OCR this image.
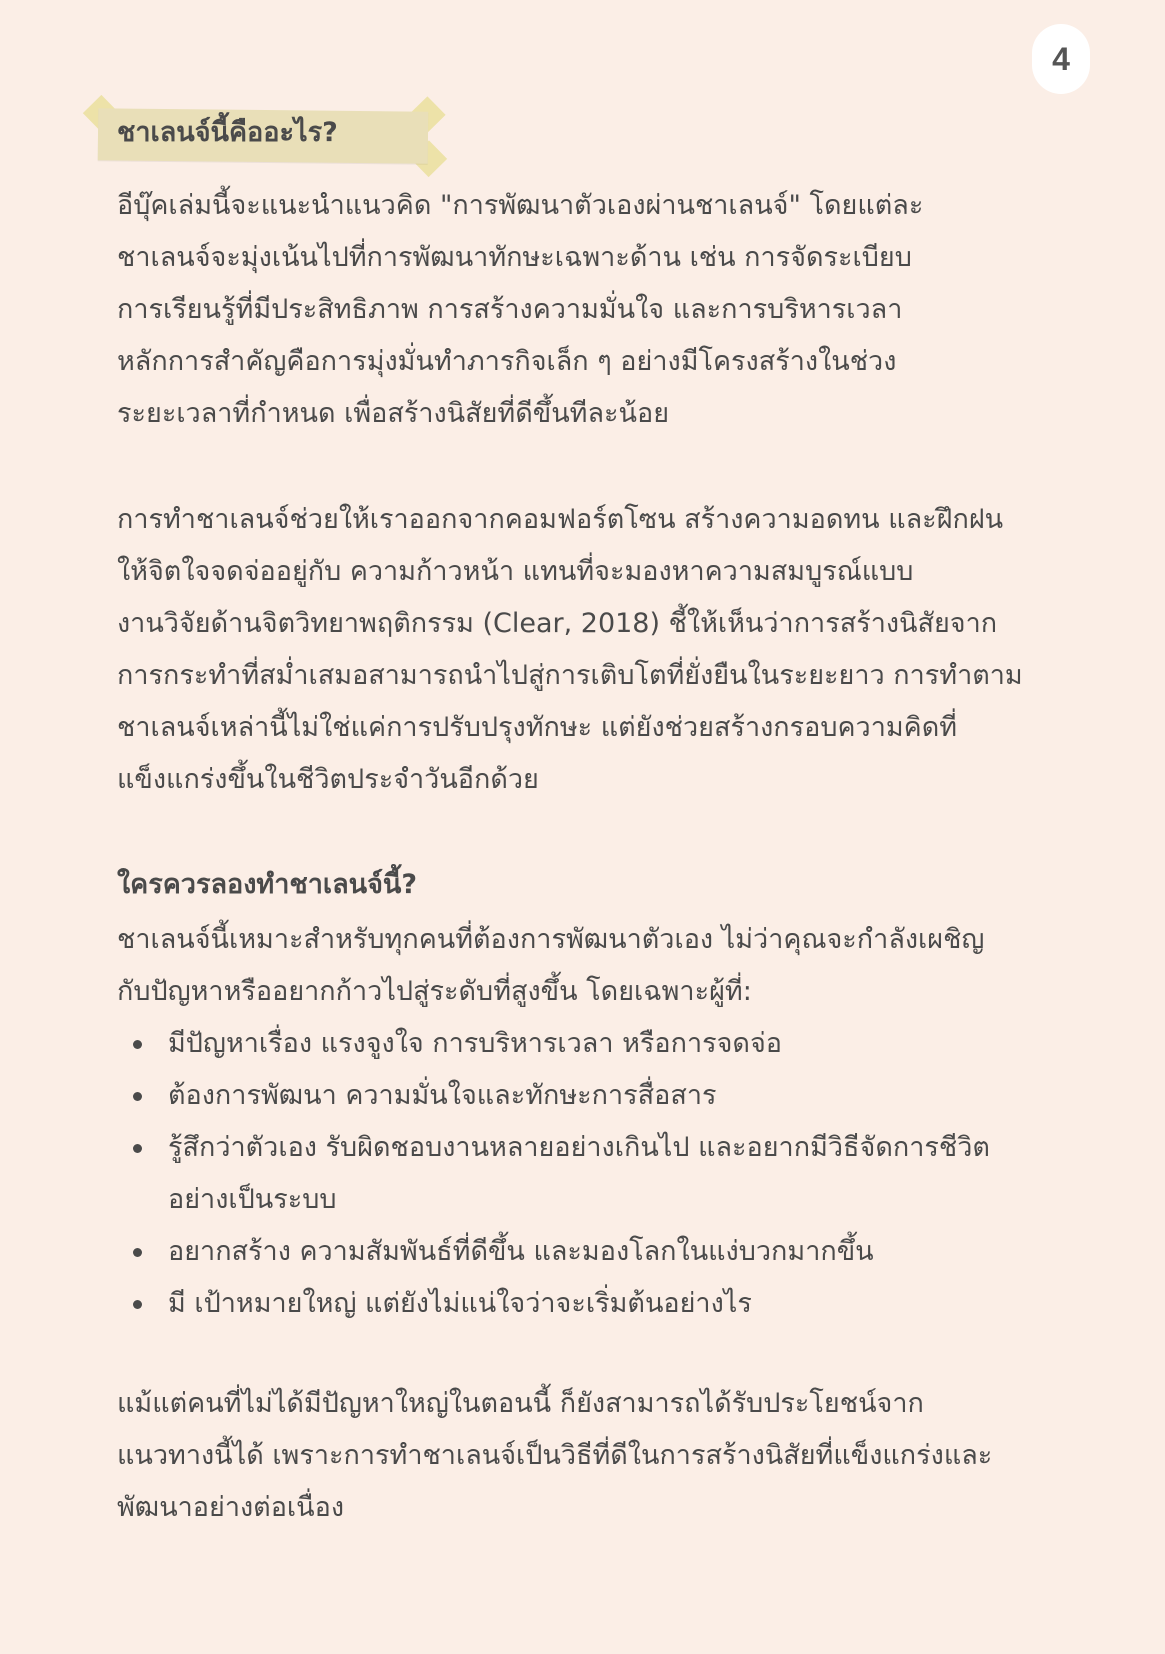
4
ชาเลนจ์นี้คืออะไร?

อีบุ๊คเล่มนี้จะแนะนำแนวคิด "การพัฒนาตัวเองผ่านชาเลนจ์" โดยแต่ละ
ชาเลนจ์จะมุ่งเน้นไปที่การพัฒนาทักษะเฉพาะด้าน เช่น การจัดระเบียบ
การเรียนรู้ที่มีประสิทธิภาพ การสร้างความมั่นใจ และการบริหารเวลา
หลักการสำคัญคือการมุ่งมั่นทำภารกิจเล็ก ๆ อย่างมีโครงสร้างในช่วง
ระยะเวลาที่กำหนด เพื่อสร้างนิสัยที่ดีขึ้นทีละน้อย

การทำชาเลนจ์ช่วยให้เราออกจากคอมฟอร์ตโซน สร้างความอดทน และฝึกฝน
ให้จิตใจจดจ่ออยู่กับ ความก้าวหน้า แทนที่จะมองหาความสมบูรณ์แบบ
งานวิจัยด้านจิตวิทยาพฤติกรรม (Clear, 2018) ชี้ให้เห็นว่าการสร้างนิสัยจาก
การกระทำที่สม่ำเสมอสามารถนำไปสู่การเติบโตที่ยั่งยืนในระยะยาว การทำตาม
ชาเลนจ์เหล่านี้ไม่ใช่แค่การปรับปรุงทักษะ แต่ยังช่วยสร้างกรอบความคิดที่
แข็งแกร่งขึ้นในชีวิตประจำวันอีกด้วย

ใครควรลองทำชาเลนจ์นี้?

ชาเลนจ์นี้เหมาะสำหรับทุกคนที่ต้องการพัฒนาตัวเอง ไม่ว่าคุณจะกำลังเผชิญ
กับปัญหาหรืออยากก้าวไปสู่ระดับที่สูงขึ้น โดยเฉพาะผู้ที่:

มีปัญหาเรื่อง แรงจูงใจ การบริหารเวลา หรือการจดจ่อ
ต้องการพัฒนา ความมั่นใจและทักษะการสื่อสาร
รู้สึกว่าตัวเอง รับผิดชอบงานหลายอย่างเกินไป และอยากมีวิธีจัดการชีวิต
อย่างเป็นระบบ
อยากสร้าง ความสัมพันธ์ที่ดีขึ้น และมองโลกในแง่บวกมากขึ้น
มี เป้าหมายใหญ่ แต่ยังไม่แน่ใจว่าจะเริ่มต้นอย่างไร

แม้แต่คนที่ไม่ได้มีปัญหาใหญ่ในตอนนี้ ก็ยังสามารถได้รับประโยชน์จาก
แนวทางนี้ได้ เพราะการทำชาเลนจ์เป็นวิธีที่ดีในการสร้างนิสัยที่แข็งแกร่งและ
พัฒนาอย่างต่อเนื่อง
